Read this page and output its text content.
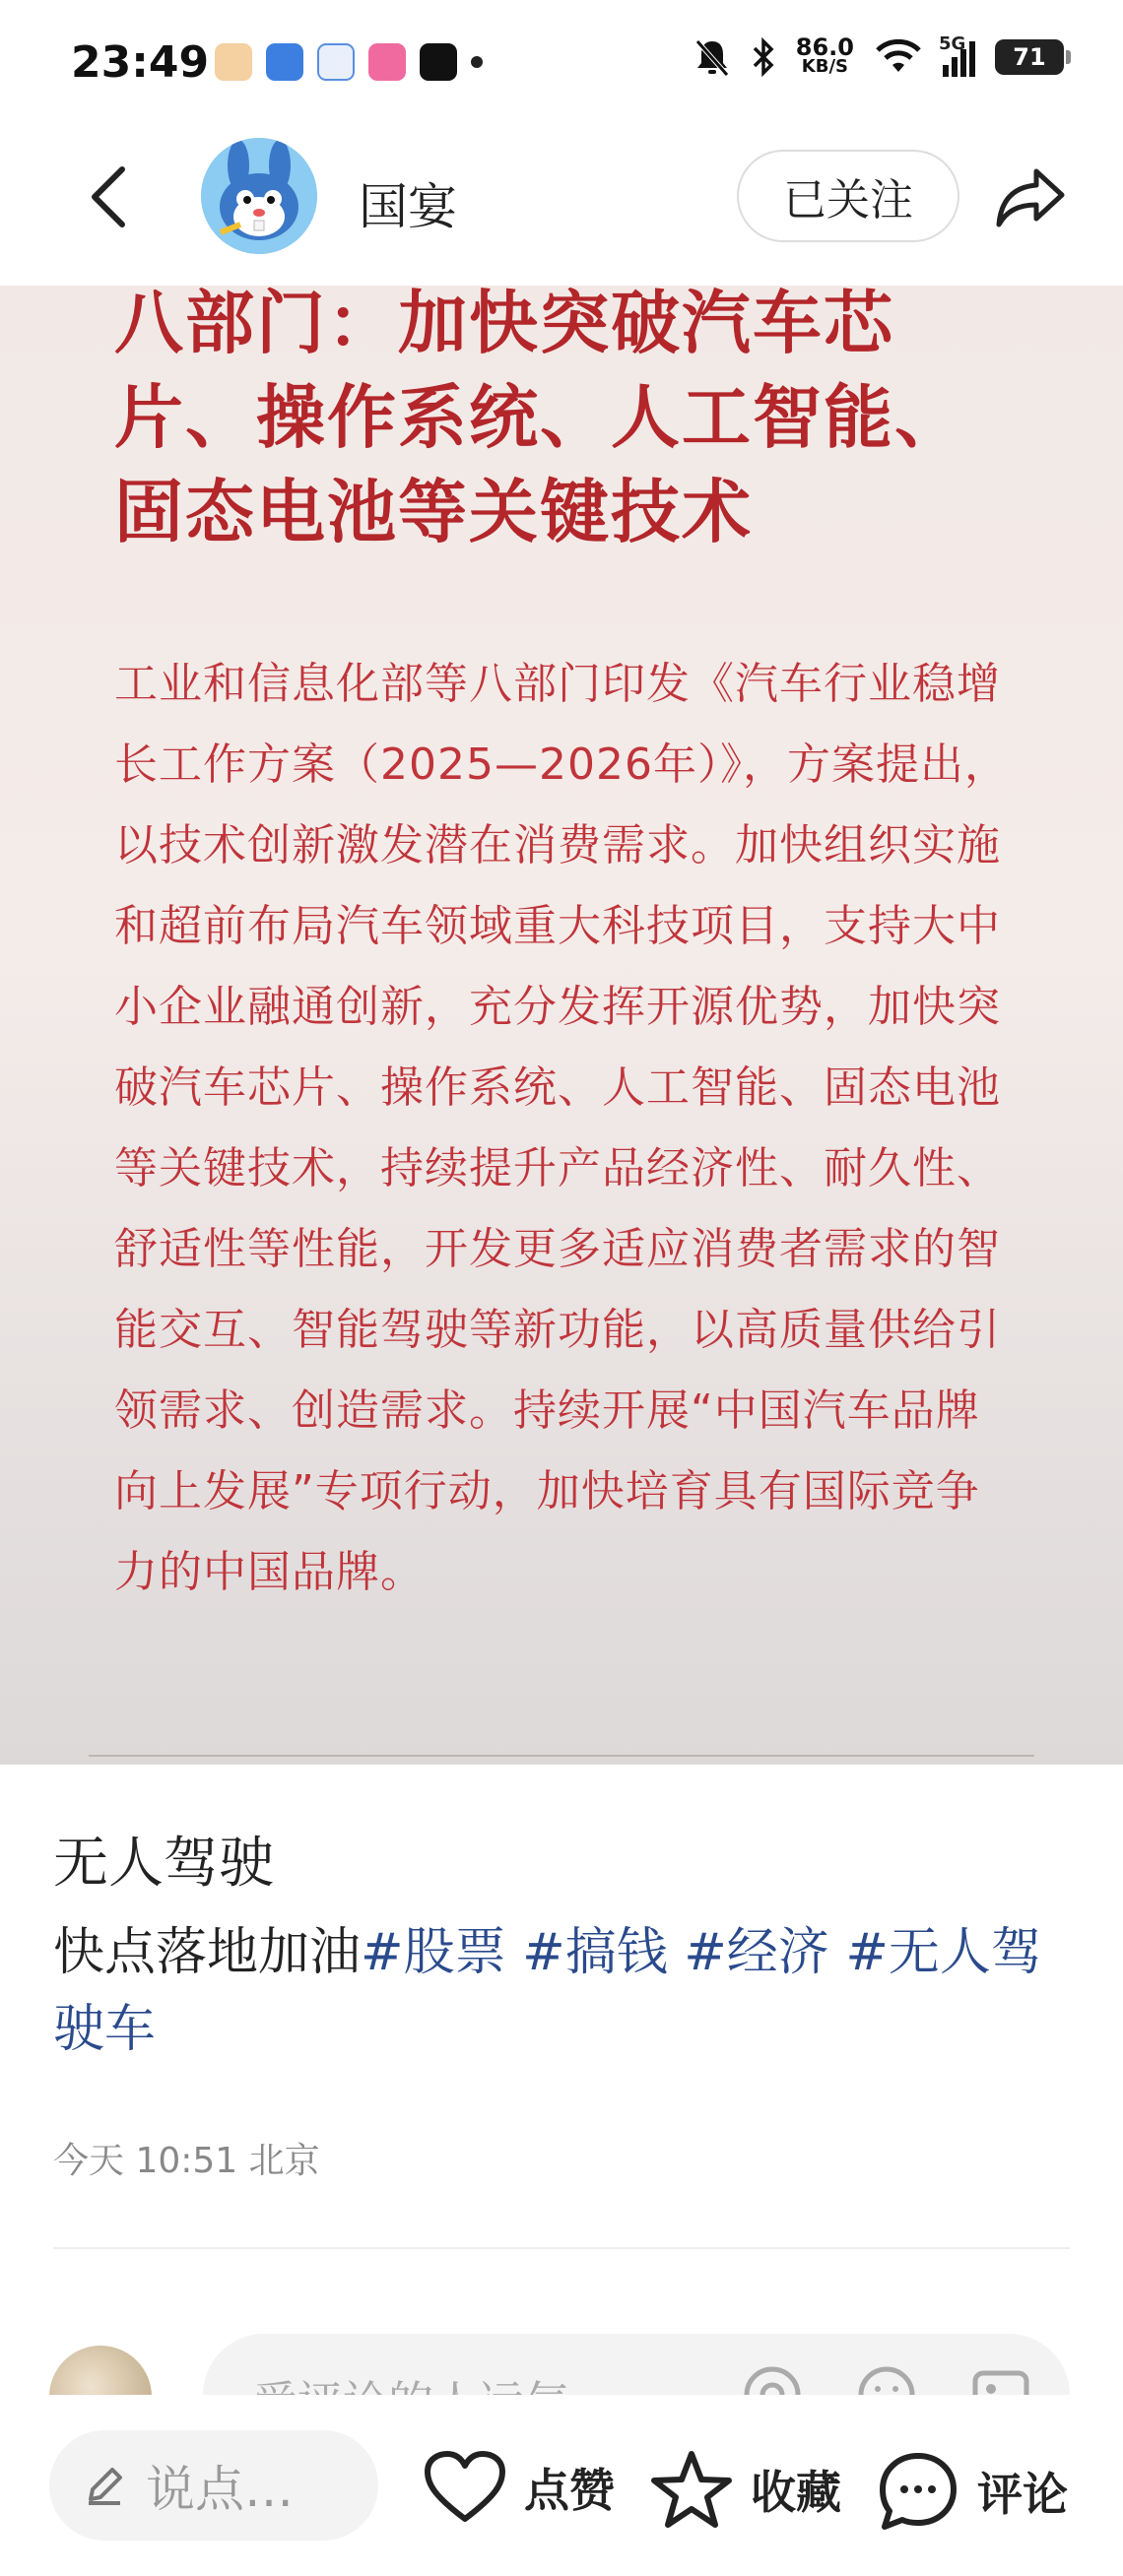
23:49	86.0
KB/S
5G	71
国宴	已关注
八部门：加快突破汽车芯片、操作系统、人工智能、固态电池等关键技术
工业和信息化部等八部门印发《汽车行业稳增长工作方案（2025—2026年）》，方案提出，以技术创新激发潜在消费需求。加快组织实施和超前布局汽车领域重大科技项目，支持大中小企业融通创新，充分发挥开源优势，加快突破汽车芯片、操作系统、人工智能、固态电池等关键技术，持续提升产品经济性、耐久性、舒适性等性能，开发更多适应消费者需求的智能交互、智能驾驶等新功能，以高质量供给引领需求、创造需求。持续开展“中国汽车品牌向上发展”专项行动，加快培育具有国际竞争力的中国品牌。
无人驾驶
快点落地加油#股票 #搞钱 #经济 #无人驾驶车
今天 10:51 北京
说点…	点赞	收藏	评论
